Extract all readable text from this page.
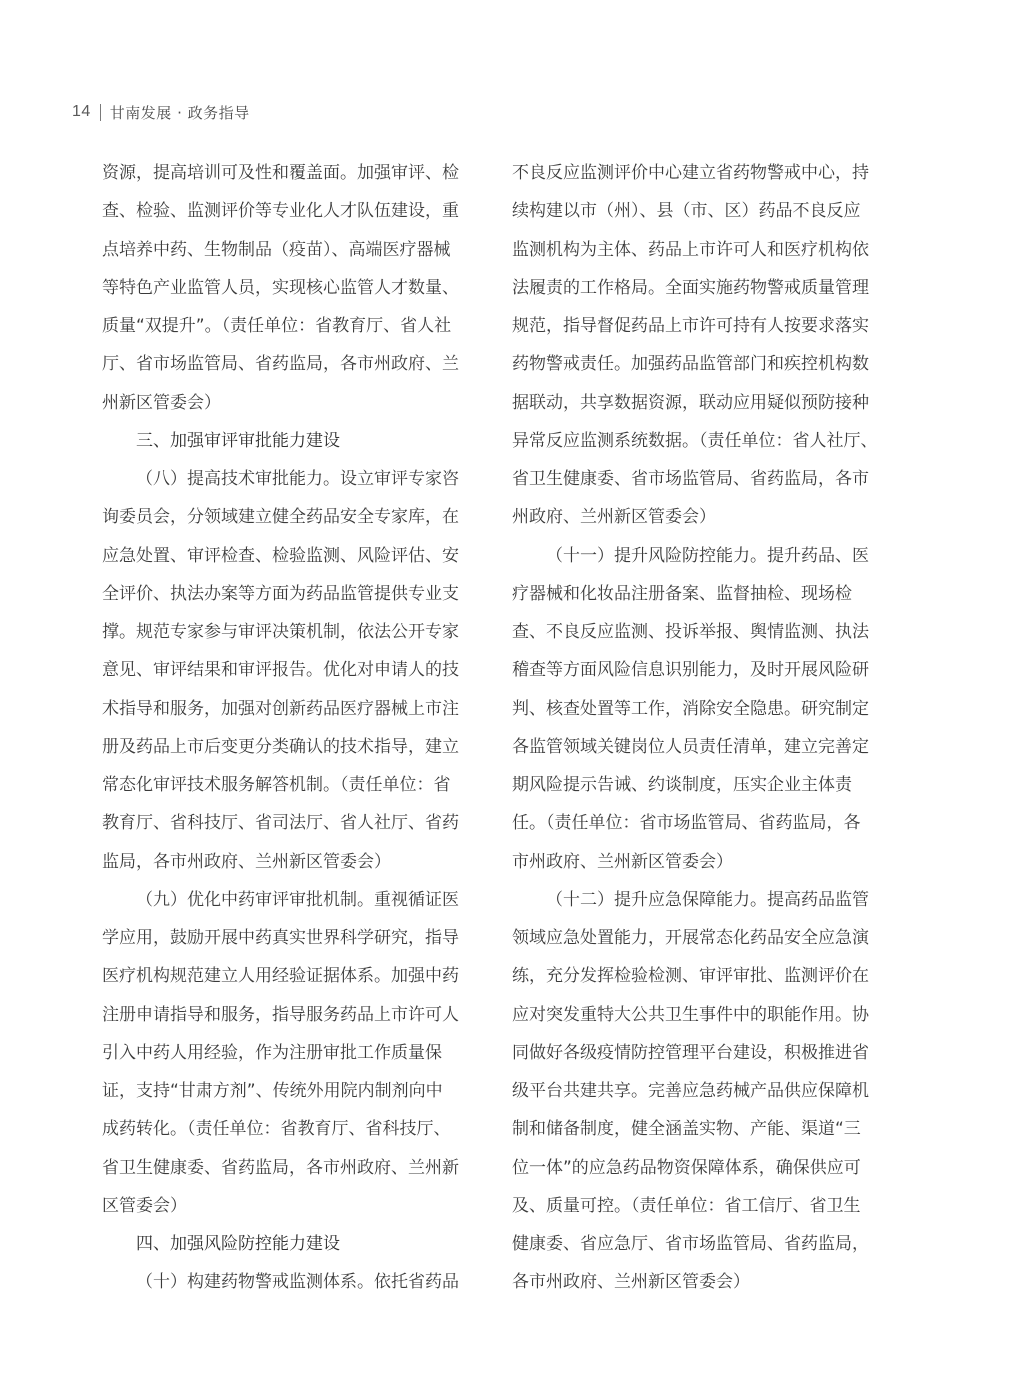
14 甘南发展 · 政务指导
资源，提高培训可及性和覆盖面。加强审评、检
查、检验、监测评价等专业化人才队伍建设，重
点培养中药、生物制品（疫苗）、高端医疗器械
等特色产业监管人员，实现核心监管人才数量、
质量“双提升”。（责任单位：省教育厅、省人社
厅、省市场监管局、省药监局，各市州政府、兰
州新区管委会）
三、加强审评审批能力建设
（八）提高技术审批能力。设立审评专家咨
询委员会，分领域建立健全药品安全专家库，在
应急处置、审评检查、检验监测、风险评估、安
全评价、执法办案等方面为药品监管提供专业支
撑。规范专家参与审评决策机制，依法公开专家
意见、审评结果和审评报告。优化对申请人的技
术指导和服务，加强对创新药品医疗器械上市注
册及药品上市后变更分类确认的技术指导，建立
常态化审评技术服务解答机制。（责任单位：省
教育厅、省科技厅、省司法厅、省人社厅、省药
监局，各市州政府、兰州新区管委会）
（九）优化中药审评审批机制。重视循证医
学应用，鼓励开展中药真实世界科学研究，指导
医疗机构规范建立人用经验证据体系。加强中药
注册申请指导和服务，指导服务药品上市许可人
引入中药人用经验，作为注册审批工作质量保
证，支持“甘肃方剂”、传统外用院内制剂向中
成药转化。（责任单位：省教育厅、省科技厅、
省卫生健康委、省药监局，各市州政府、兰州新
区管委会）
四、加强风险防控能力建设
（十）构建药物警戒监测体系。依托省药品
不良反应监测评价中心建立省药物警戒中心，持
续构建以市（州）、县（市、区）药品不良反应
监测机构为主体、药品上市许可人和医疗机构依
法履责的工作格局。全面实施药物警戒质量管理
规范，指导督促药品上市许可持有人按要求落实
药物警戒责任。加强药品监管部门和疾控机构数
据联动，共享数据资源，联动应用疑似预防接种
异常反应监测系统数据。（责任单位：省人社厅、
省卫生健康委、省市场监管局、省药监局，各市
州政府、兰州新区管委会）
（十一）提升风险防控能力。提升药品、医
疗器械和化妆品注册备案、监督抽检、现场检
查、不良反应监测、投诉举报、舆情监测、执法
稽查等方面风险信息识别能力，及时开展风险研
判、核查处置等工作，消除安全隐患。研究制定
各监管领域关键岗位人员责任清单，建立完善定
期风险提示告诫、约谈制度，压实企业主体责
任。（责任单位：省市场监管局、省药监局，各
市州政府、兰州新区管委会）
（十二）提升应急保障能力。提高药品监管
领域应急处置能力，开展常态化药品安全应急演
练，充分发挥检验检测、审评审批、监测评价在
应对突发重特大公共卫生事件中的职能作用。协
同做好各级疫情防控管理平台建设，积极推进省
级平台共建共享。完善应急药械产品供应保障机
制和储备制度，健全涵盖实物、产能、渠道“三
位一体”的应急药品物资保障体系，确保供应可
及、质量可控。（责任单位：省工信厅、省卫生
健康委、省应急厅、省市场监管局、省药监局，
各市州政府、兰州新区管委会）
